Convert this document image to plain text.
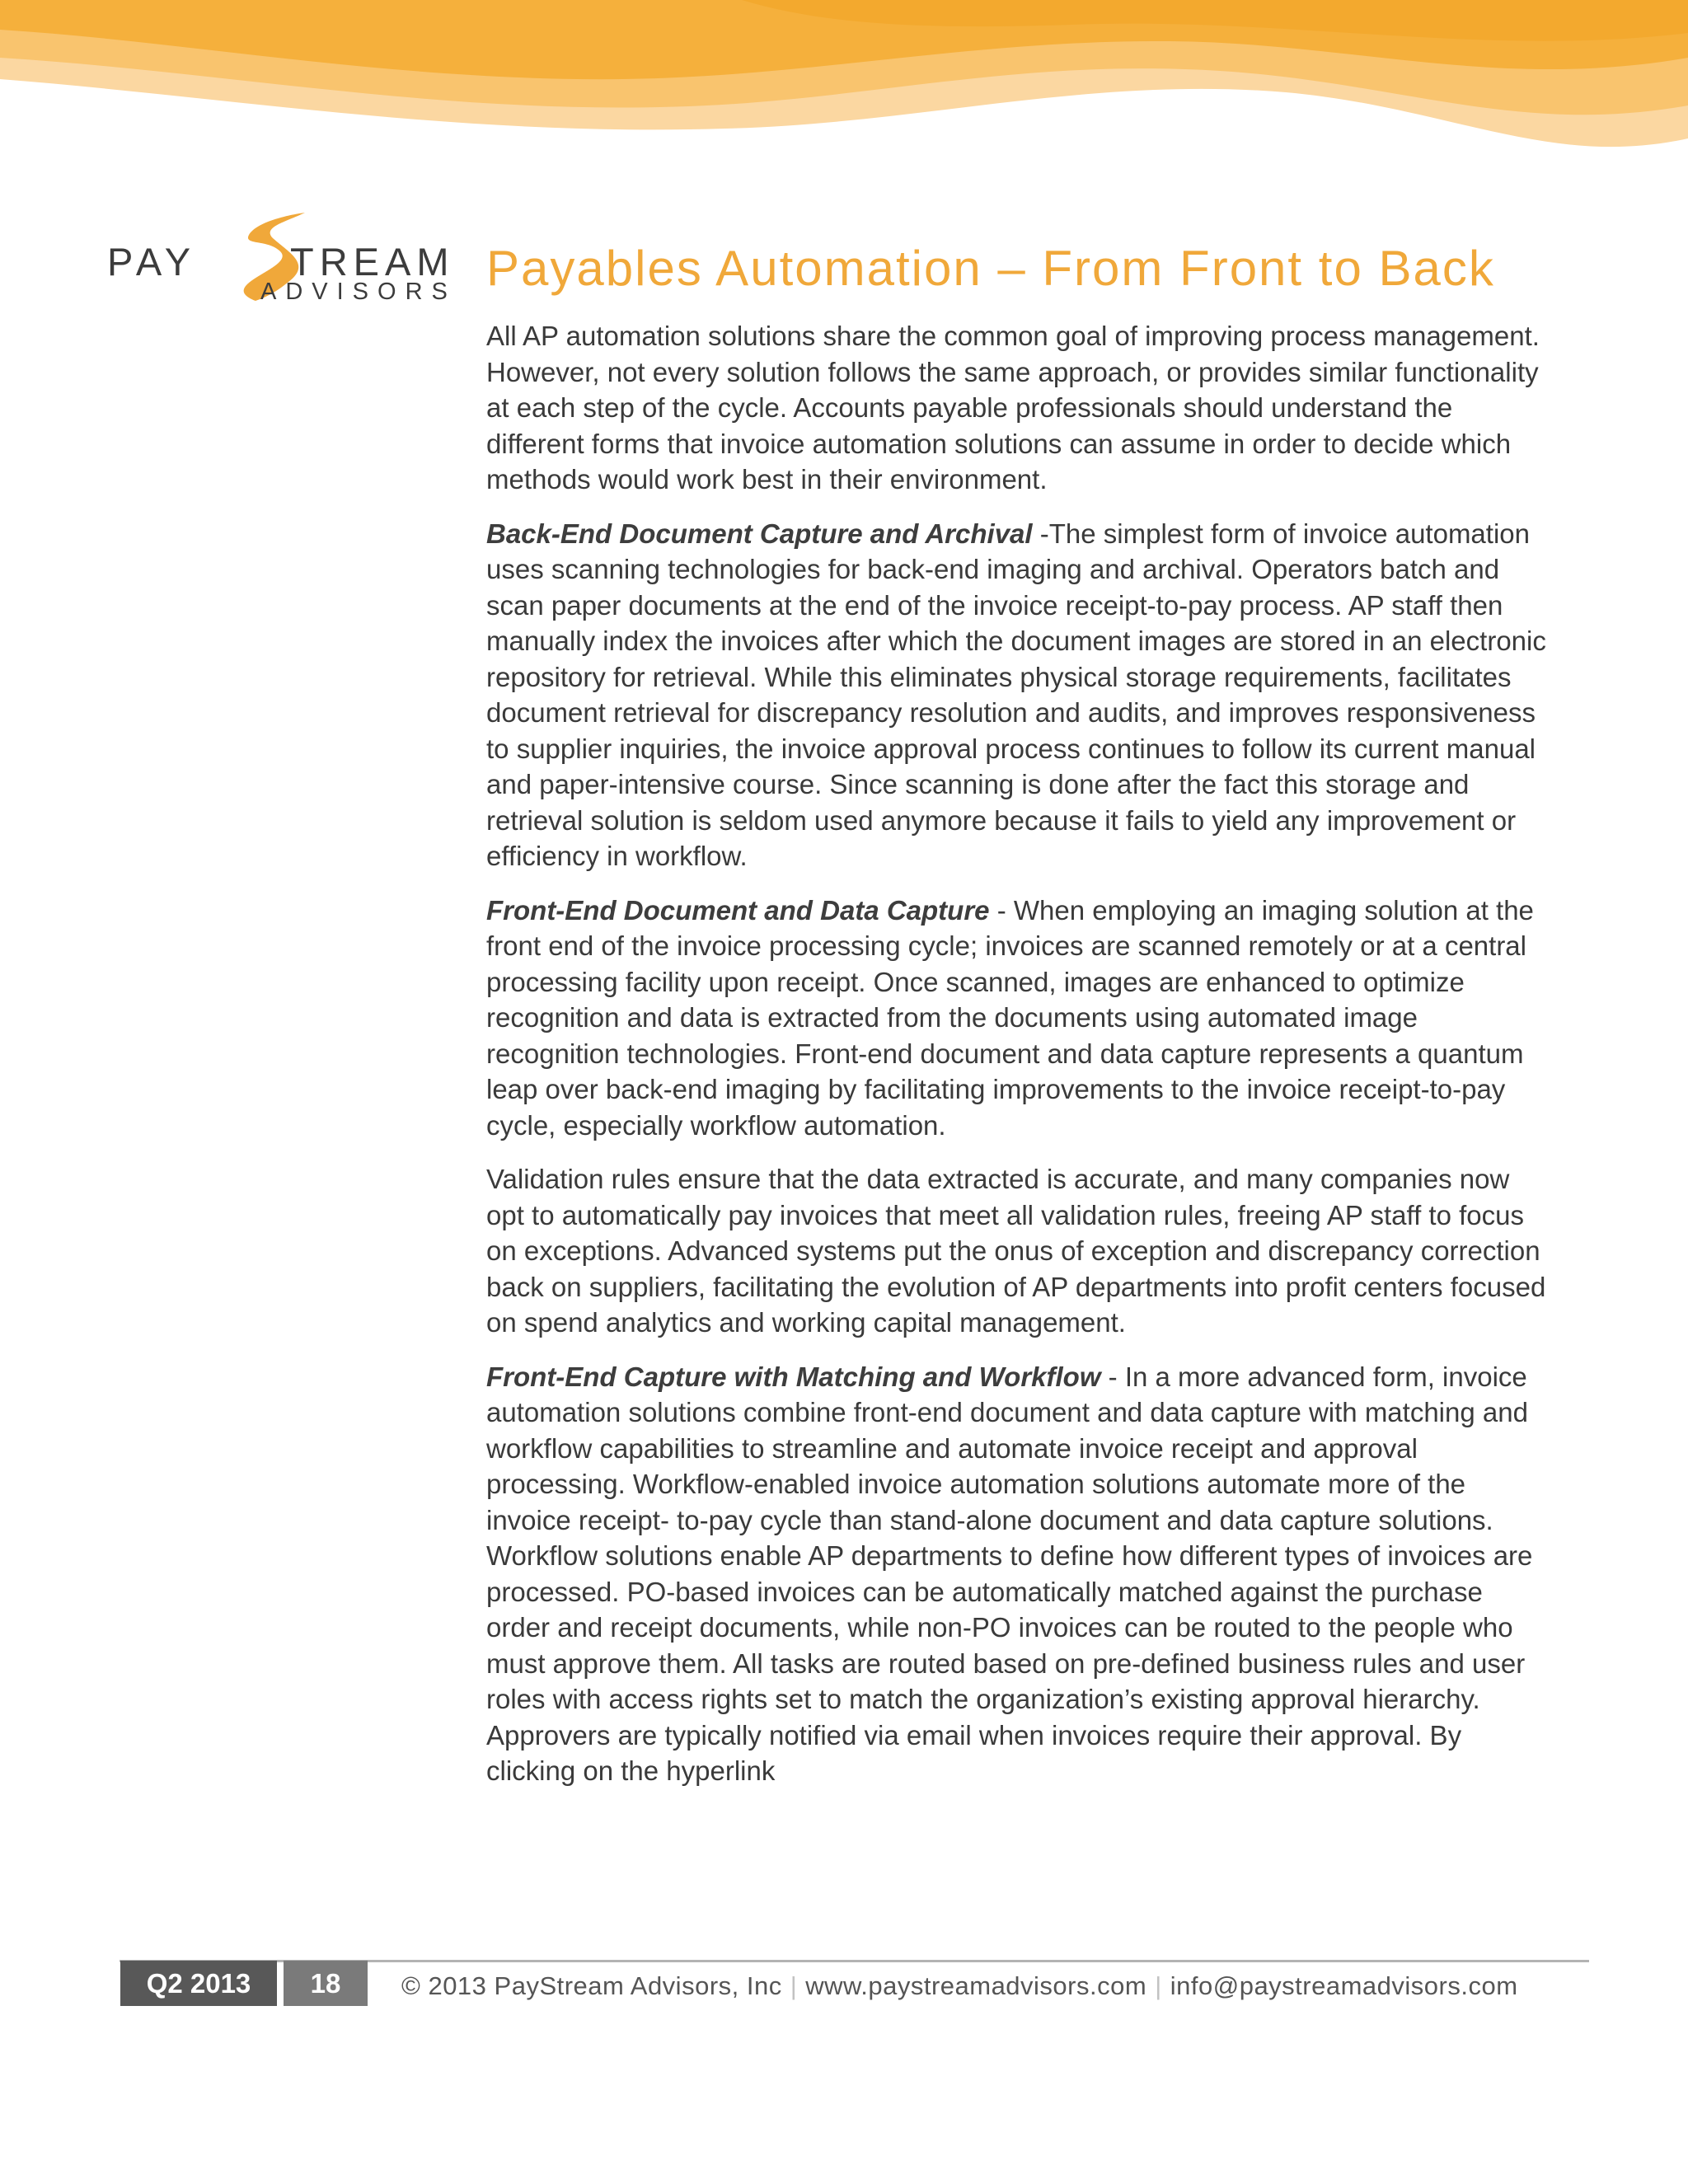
PAY TREAM
ADVISORS Payables Automation – From Front to Back

All AP automation solutions share the common goal of improving process management. However, not every solution follows the same approach, or provides similar functionality at each step of the cycle. Accounts payable professionals should understand the different forms that invoice automation solutions can assume in order to decide which methods would work best in their environment.

Back-End Document Capture and Archival -The simplest form of invoice automation uses scanning technologies for back-end imaging and archival. Operators batch and scan paper documents at the end of the invoice receipt-to-pay process. AP staff then manually index the invoices after which the document images are stored in an electronic repository for retrieval. While this eliminates physical storage requirements, facilitates document retrieval for discrepancy resolution and audits, and improves responsiveness to supplier inquiries, the invoice approval process continues to follow its current manual and paper-intensive course. Since scanning is done after the fact this storage and retrieval solution is seldom used anymore because it fails to yield any improvement or efficiency in workflow.

Front-End Document and Data Capture - When employing an imaging solution at the front end of the invoice processing cycle; invoices are scanned remotely or at a central processing facility upon receipt. Once scanned, images are enhanced to optimize recognition and data is extracted from the documents using automated image recognition technologies. Front-end document and data capture represents a quantum leap over back-end imaging by facilitating improvements to the invoice receipt-to-pay cycle, especially workflow automation.

Validation rules ensure that the data extracted is accurate, and many companies now opt to automatically pay invoices that meet all validation rules, freeing AP staff to focus on exceptions. Advanced systems put the onus of exception and discrepancy correction back on suppliers, facilitating the evolution of AP departments into profit centers focused on spend analytics and working capital management.

Front-End Capture with Matching and Workflow - In a more advanced form, invoice automation solutions combine front-end document and data capture with matching and workflow capabilities to streamline and automate invoice receipt and approval processing. Workflow-enabled invoice automation solutions automate more of the invoice receipt- to-pay cycle than stand-alone document and data capture solutions. Workflow solutions enable AP departments to define how different types of invoices are processed. PO-based invoices can be automatically matched against the purchase order and receipt documents, while non-PO invoices can be routed to the people who must approve them. All tasks are routed based on pre-defined business rules and user roles with access rights set to match the organization’s existing approval hierarchy. Approvers are typically notified via email when invoices require their approval. By clicking on the hyperlink

Q2 2013	18	© 2013 PayStream Advisors, Inc | www.paystreamadvisors.com | info@paystreamadvisors.com
